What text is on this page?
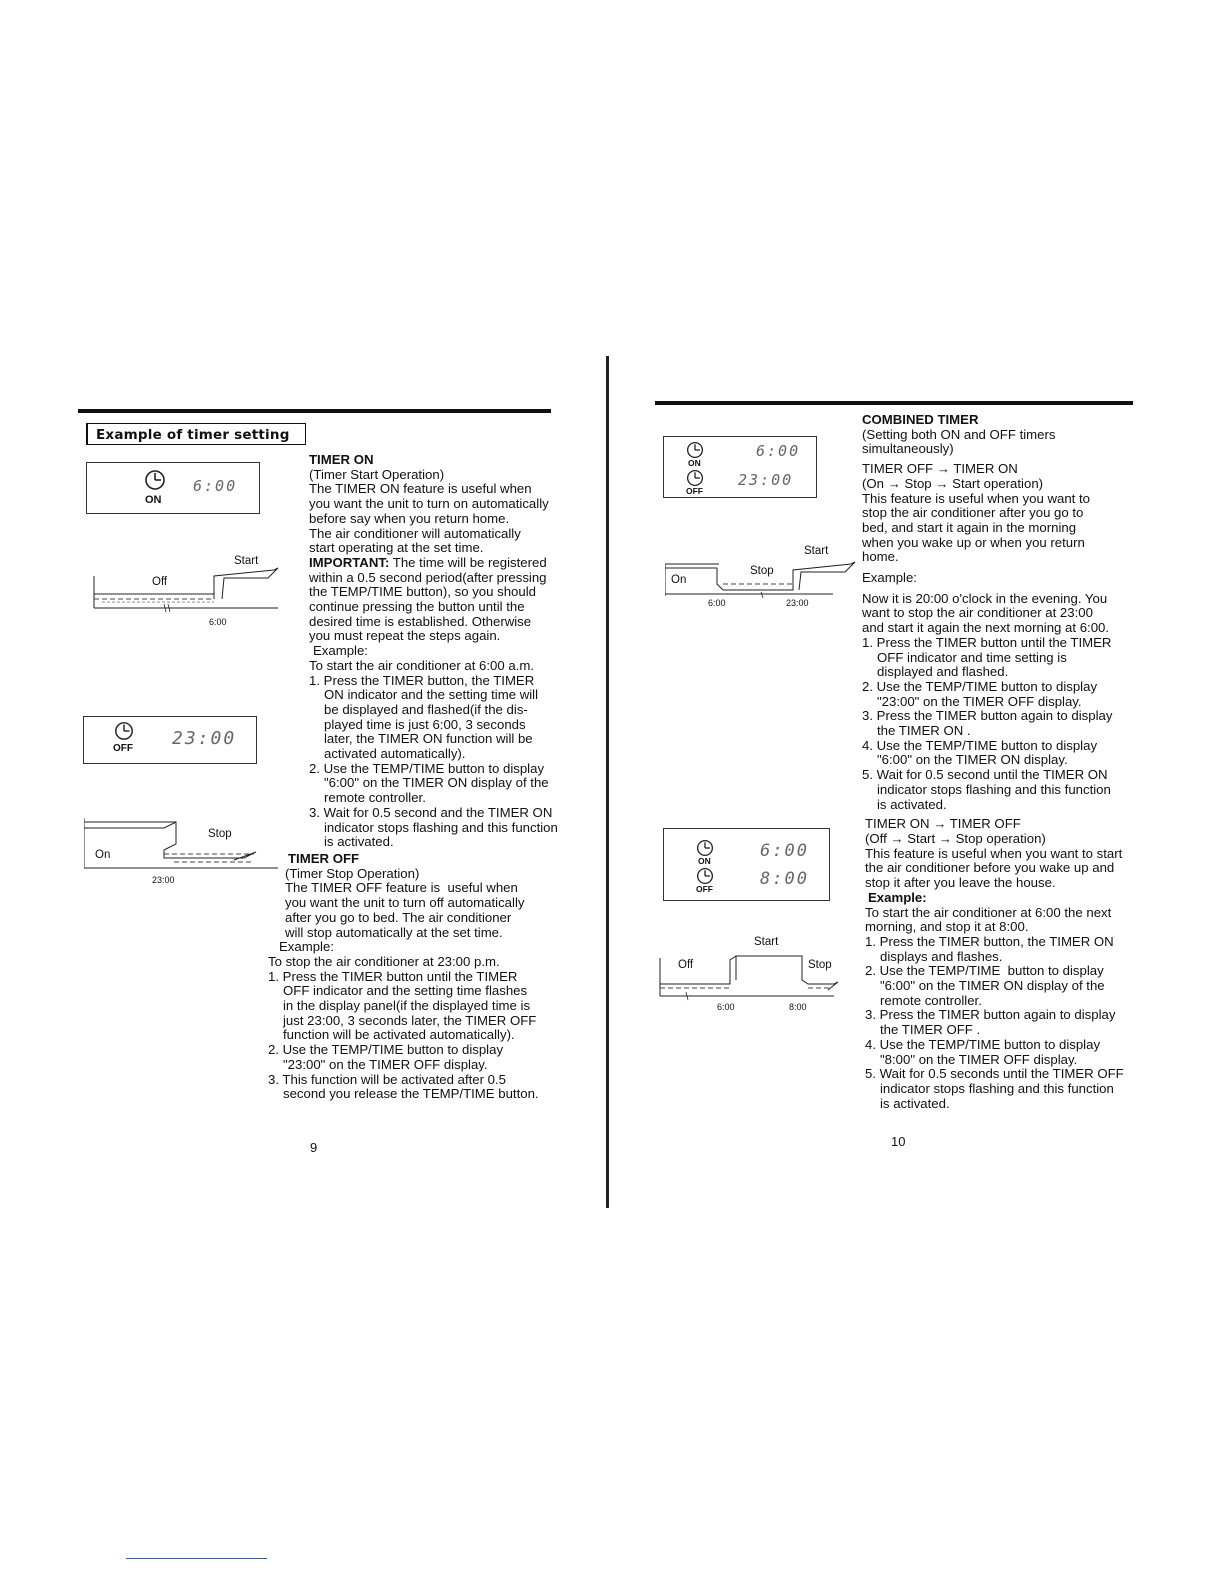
Example of timer setting
ON
6:00
Start
Off
6:00
OFF 23:00
On
Stop
23:00
TIMER ON
(Timer Start Operation)
The TIMER ON feature is useful when
you want the unit to turn on automatically
before say when you return home.
The air conditioner will automatically
start operating at the set time.
IMPORTANT: The time will be registered
within a 0.5 second period(after pressing
the TEMP/TIME button), so you should
continue pressing the button until the
desired time is established. Otherwise
you must repeat the steps again.
Example:
To start the air conditioner at 6:00 a.m.
1. Press the TIMER button, the TIMER
ON indicator and the setting time will
be displayed and flashed(if the dis-
played time is just 6:00, 3 seconds
later, the TIMER ON function will be
activated automatically).
2. Use the TEMP/TIME button to display
"6:00" on the TIMER ON display of the
remote controller.
3. Wait for 0.5 second and the TIMER ON
indicator stops flashing and this function
is activated.
TIMER OFF
(Timer Stop Operation)
The TIMER OFF feature is  useful when
you want the unit to turn off automatically
after you go to bed. The air conditioner
will stop automatically at the set time.
Example:
To stop the air conditioner at 23:00 p.m.
1. Press the TIMER button until the TIMER
OFF indicator and the setting time flashes
in the display panel(if the displayed time is
just 23:00, 3 seconds later, the TIMER OFF
function will be activated automatically).
2. Use the TEMP/TIME button to display
"23:00" on the TIMER OFF display.
3. This function will be activated after 0.5
second you release the TEMP/TIME button.
9
ON
OFF
6:00
23:00
On
Stop
Start
6:00	23:00
ON
OFF
6:00
8:00
Off
Start
Stop
6:00	8:00
COMBINED TIMER
(Setting both ON and OFF timers
simultaneously)
TIMER OFF → TIMER ON
(On → Stop → Start operation)
This feature is useful when you want to
stop the air conditioner after you go to
bed, and start it again in the morning
when you wake up or when you return
home.
Example:
Now it is 20:00 o'clock in the evening. You
want to stop the air conditioner at 23:00
and start it again the next morning at 6:00.
1. Press the TIMER button until the TIMER
OFF indicator and time setting is
displayed and flashed.
2. Use the TEMP/TIME button to display
"23:00" on the TIMER OFF display.
3. Press the TIMER button again to display
the TIMER ON .
4. Use the TEMP/TIME button to display
"6:00" on the TIMER ON display.
5. Wait for 0.5 second until the TIMER ON
indicator stops flashing and this function
is activated.
TIMER ON → TIMER OFF
(Off → Start → Stop operation)
This feature is useful when you want to start
the air conditioner before you wake up and
stop it after you leave the house.
Example:
To start the air conditioner at 6:00 the next
morning, and stop it at 8:00.
1. Press the TIMER button, the TIMER ON
displays and flashes.
2. Use the TEMP/TIME  button to display
"6:00" on the TIMER ON display of the
remote controller.
3. Press the TIMER button again to display
the TIMER OFF .
4. Use the TEMP/TIME button to display
"8:00" on the TIMER OFF display.
5. Wait for 0.5 seconds until the TIMER OFF
indicator stops flashing and this function
is activated.
10
